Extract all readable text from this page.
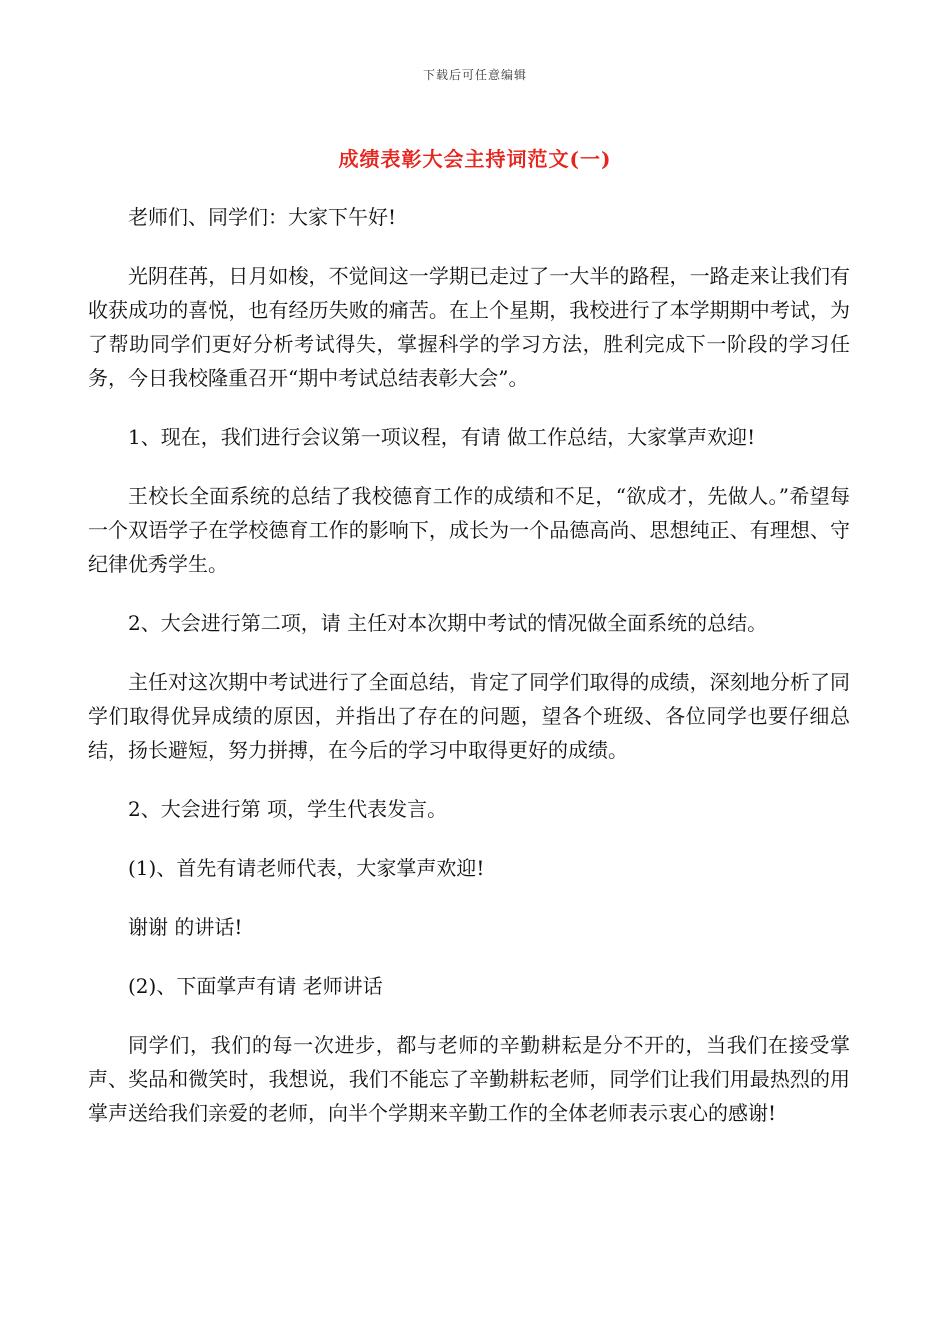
下载后可任意编辑
成绩表彰大会主持词范文(一)

老师们、同学们：大家下午好!

光阴荏苒，日月如梭，不觉间这一学期已走过了一大半的路程，一路走来让我们有收获成功的喜悦，也有经历失败的痛苦。在上个星期，我校进行了本学期期中考试，为了帮助同学们更好分析考试得失，掌握科学的学习方法，胜利完成下一阶段的学习任务，今日我校隆重召开“期中考试总结表彰大会”。

1、现在，我们进行会议第一项议程，有请 做工作总结，大家掌声欢迎!

王校长全面系统的总结了我校德育工作的成绩和不足，“欲成才，先做人。”希望每一个双语学子在学校德育工作的影响下，成长为一个品德高尚、思想纯正、有理想、守纪律优秀学生。

2、大会进行第二项，请 主任对本次期中考试的情况做全面系统的总结。

主任对这次期中考试进行了全面总结，肯定了同学们取得的成绩，深刻地分析了同学们取得优异成绩的原因，并指出了存在的问题，望各个班级、各位同学也要仔细总结，扬长避短，努力拼搏，在今后的学习中取得更好的成绩。

2、大会进行第 项，学生代表发言。

(1)、首先有请老师代表，大家掌声欢迎!

谢谢 的讲话!

(2)、下面掌声有请 老师讲话

同学们，我们的每一次进步，都与老师的辛勤耕耘是分不开的，当我们在接受掌声、奖品和微笑时，我想说，我们不能忘了辛勤耕耘老师，同学们让我们用最热烈的用掌声送给我们亲爱的老师，向半个学期来辛勤工作的全体老师表示衷心的感谢!
